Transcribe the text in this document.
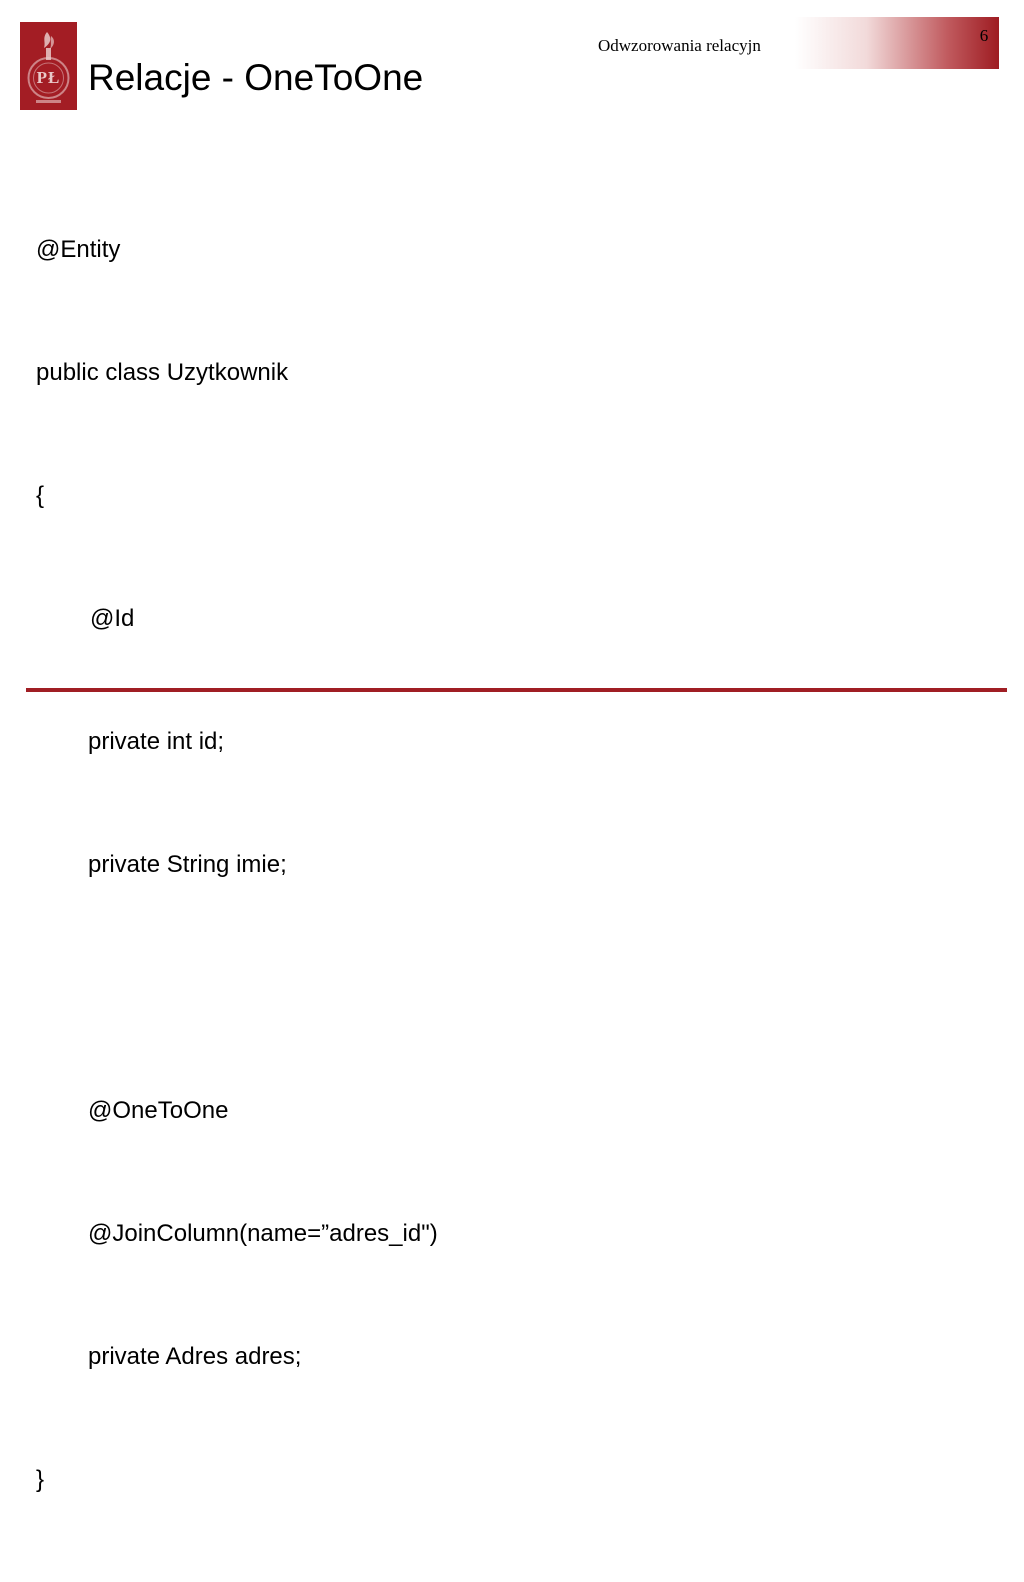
PŁ Relacje - OneToOne
Odwzorowania relacyjn
6

@Entity

public class Uzytkownik

{

@Id

private int id;

private String imie;

@OneToOne

@JoinColumn(name=”adres_id")

private Adres adres;

}
